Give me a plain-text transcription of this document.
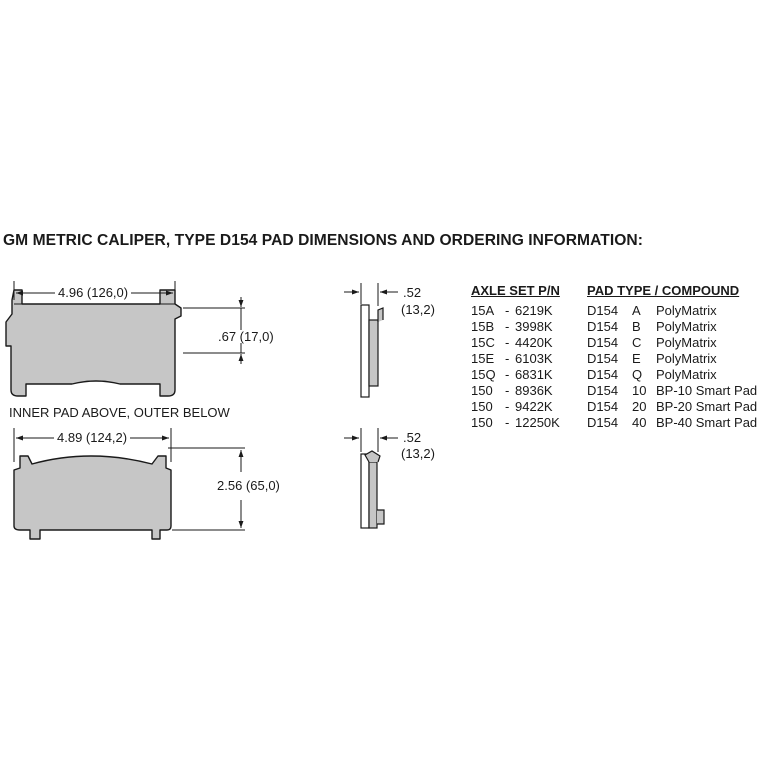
GM METRIC CALIPER, TYPE D154 PAD DIMENSIONS AND ORDERING INFORMATION:
4.96 (126,0)
.67 (17,0)
INNER PAD ABOVE, OUTER BELOW
4.89 (124,2)
2.56 (65,0)
.52
(13,2)
.52
(13,2)
AXLE SET P/N PAD TYPE / COMPOUND
15A - 6219K	D154 A PolyMatrix
15B - 3998K	D154 B PolyMatrix
15C - 4420K	D154 C PolyMatrix
15E - 6103K	D154 E PolyMatrix
15Q - 6831K	D154 Q PolyMatrix
150 - 8936K	D154 10 BP-10 Smart Pad
150 - 9422K	D154 20 BP-20 Smart Pad
150 - 12250K D154 40 BP-40 Smart Pad
